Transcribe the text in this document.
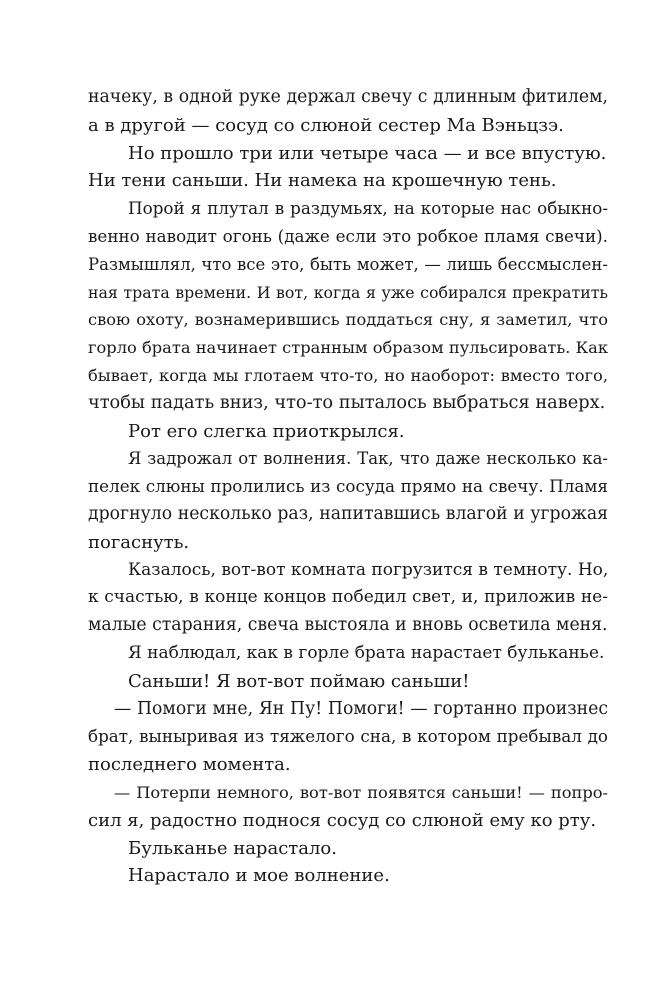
начеку, в одной руке держал свечу с длинным фитилем,
а в другой — сосуд со слюной сестер Ма Вэньцзэ.
Но прошло три или четыре часа — и все впустую.
Ни тени саньши. Ни намека на крошечную тень.
Порой я плутал в раздумьях, на которые нас обыкно-
венно наводит огонь (даже если это робкое пламя свечи).
Размышлял, что все это, быть может, — лишь бессмыслен-
ная трата времени. И вот, когда я уже собирался прекратить
свою охоту, вознамерившись поддаться сну, я заметил, что
горло брата начинает странным образом пульсировать. Как
бывает, когда мы глотаем что-то, но наоборот: вместо того,
чтобы падать вниз, что-то пыталось выбраться наверх.
Рот его слегка приоткрылся.
Я задрожал от волнения. Так, что даже несколько ка-
пелек слюны пролились из сосуда прямо на свечу. Пламя
дрогнуло несколько раз, напитавшись влагой и угрожая
погаснуть.
Казалось, вот-вот комната погрузится в темноту. Но,
к счастью, в конце концов победил свет, и, приложив не-
малые старания, свеча выстояла и вновь осветила меня.
Я наблюдал, как в горле брата нарастает бульканье.
Саньши! Я вот-вот поймаю саньши!
— Помоги мне, Ян Пу! Помоги! — гортанно произнес
брат, выныривая из тяжелого сна, в котором пребывал до
последнего момента.
— Потерпи немного, вот-вот появятся саньши! — попро-
сил я, радостно поднося сосуд со слюной ему ко рту.
Бульканье нарастало.
Нарастало и мое волнение.
